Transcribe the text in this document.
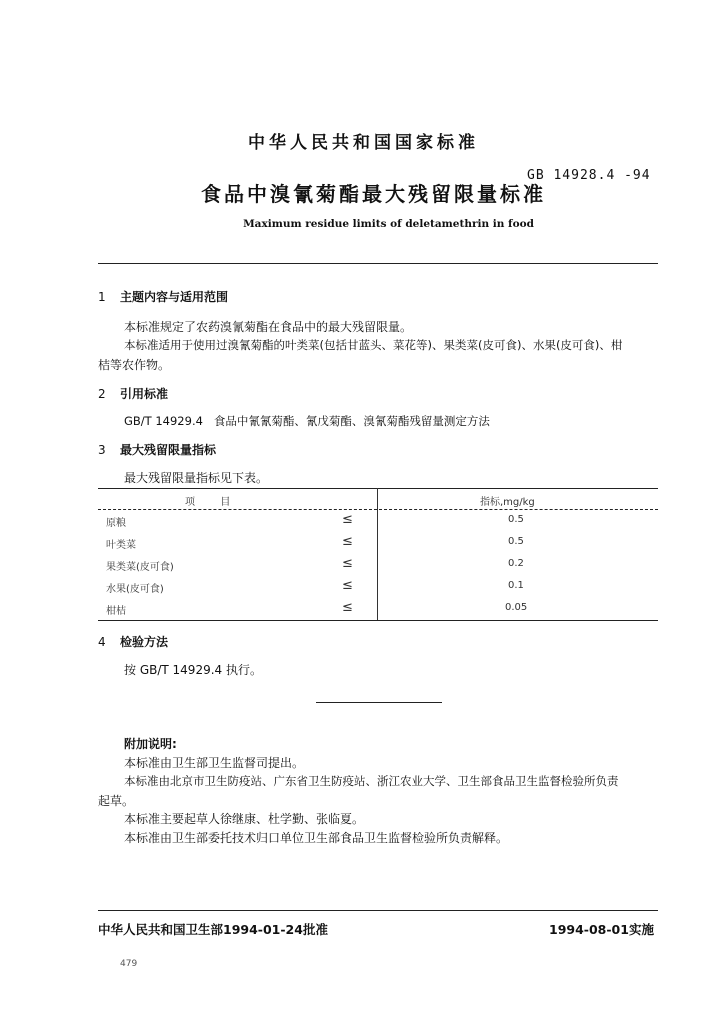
中华人民共和国国家标准
GB 14928.4 -94
食品中溴氰菊酯最大残留限量标准
Maximum residue limits of deletamethrin in food
1 主题内容与适用范围
本标准规定了农药溴氰菊酯在食品中的最大残留限量。
本标准适用于使用过溴氰菊酯的叶类菜(包括甘蓝头、菜花等)、果类菜(皮可食)、水果(皮可食)、柑
桔等农作物。
2 引用标准
GB/T 14929.4   食品中氰氰菊酯、氰戊菊酯、溴氰菊酯残留量测定方法
3 最大残留限量指标
最大残留限量指标见下表。
项        目	指标,mg/kg
原粮	≤	0.5
叶类菜	≤	0.5
果类菜(皮可食)	≤	0.2
水果(皮可食)	≤	0.1
柑桔	≤	0.05
4 检验方法
按 GB/T 14929.4 执行。
附加说明:
本标准由卫生部卫生监督司提出。
本标准由北京市卫生防疫站、广东省卫生防疫站、浙江农业大学、卫生部食品卫生监督检验所负责
起草。
本标准主要起草人徐继康、杜学勤、张临夏。
本标准由卫生部委托技术归口单位卫生部食品卫生监督检验所负责解释。
中华人民共和国卫生部1994-01-24批准	1994-08-01实施
479
